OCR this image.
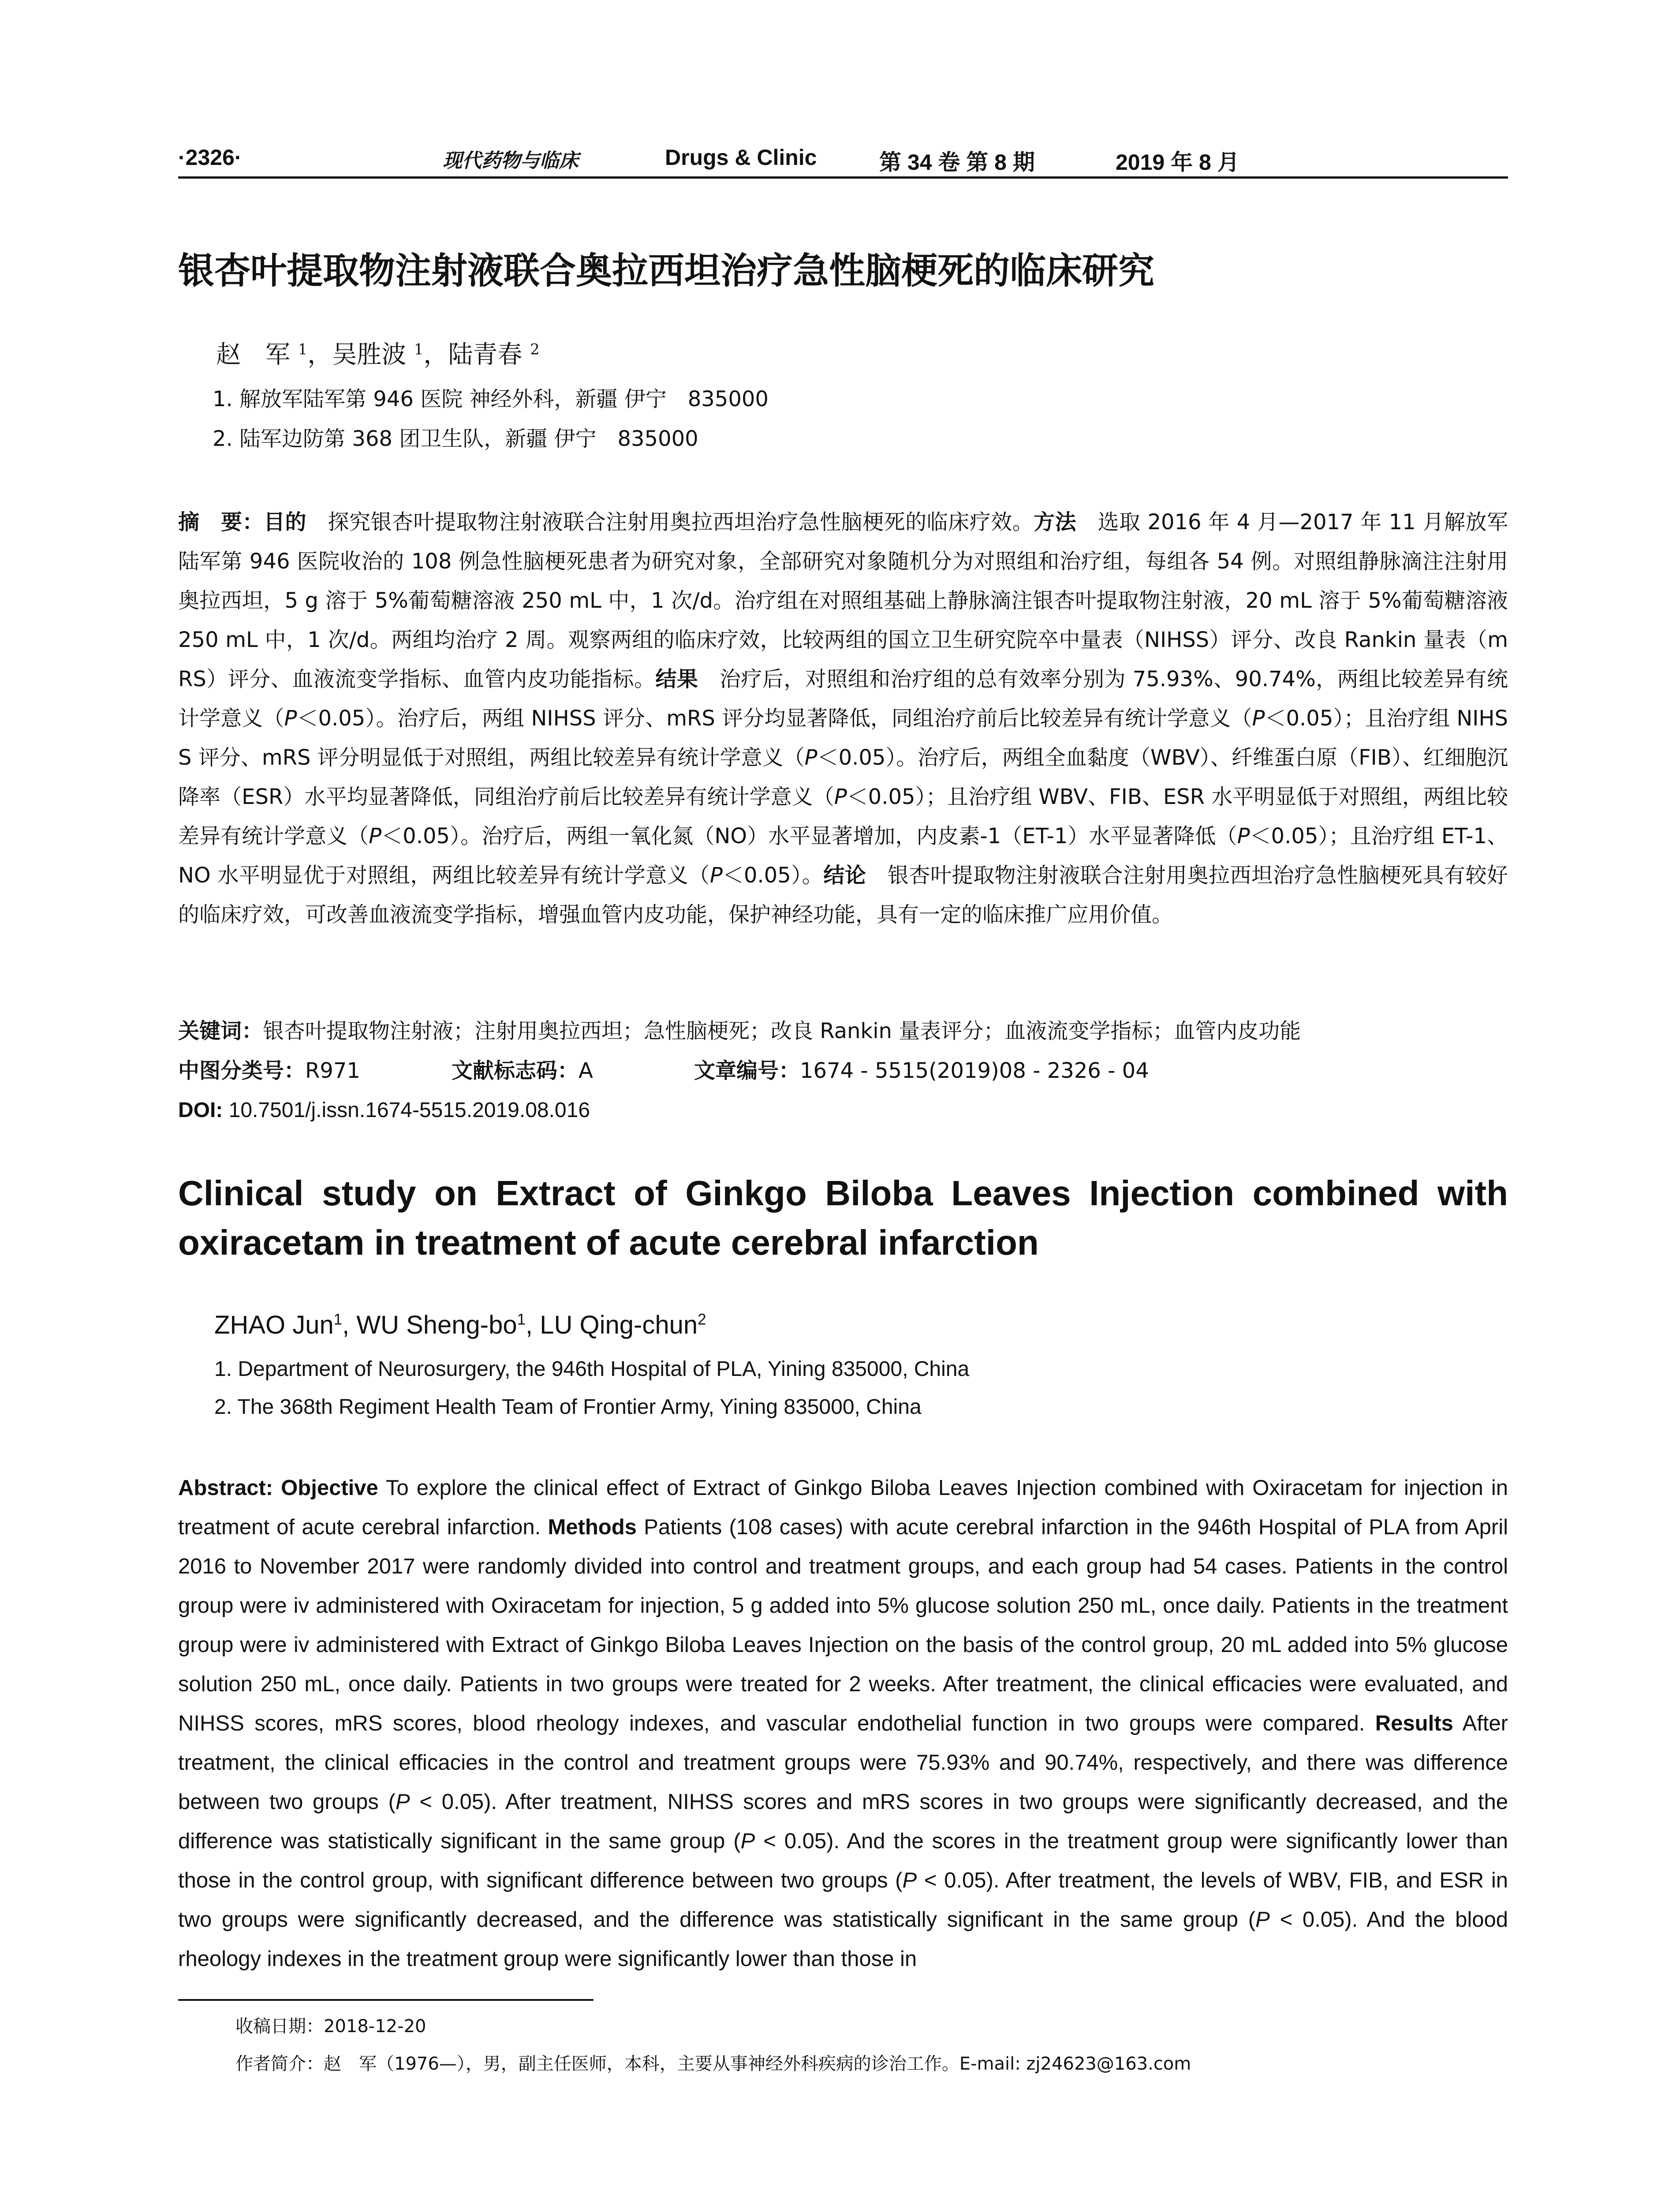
·2326·	现代药物与临床	Drugs & Clinic	第 34 卷 第 8 期	2019 年 8 月
银杏叶提取物注射液联合奥拉西坦治疗急性脑梗死的临床研究
赵　军 $^1$，吴胜波 $^1$，陆青春 $^2$
1. 解放军陆军第 946 医院 神经外科，新疆 伊宁　835000
2. 陆军边防第 368 团卫生队，新疆 伊宁　835000

摘　要：目的　探究银杏叶提取物注射液联合注射用奥拉西坦治疗急性脑梗死的临床疗效。方法　选取 2016 年 4 月—2017 年 11 月解放军陆军第 946 医院收治的 108 例急性脑梗死患者为研究对象，全部研究对象随机分为对照组和治疗组，每组各 54 例。对照组静脉滴注注射用奥拉西坦，5 g 溶于 5%葡萄糖溶液 250 mL 中，1 次/d。治疗组在对照组基础上静脉滴注银杏叶提取物注射液，20 mL 溶于 5%葡萄糖溶液 250 mL 中，1 次/d。两组均治疗 2 周。观察两组的临床疗效，比较两组的国立卫生研究院卒中量表（NIHSS）评分、改良 Rankin 量表（mRS）评分、血液流变学指标、血管内皮功能指标。结果　治疗后，对照组和治疗组的总有效率分别为 75.93%、90.74%，两组比较差异有统计学意义（P＜0.05）。治疗后，两组 NIHSS 评分、mRS 评分均显著降低，同组治疗前后比较差异有统计学意义（P＜0.05）；且治疗组 NIHSS 评分、mRS 评分明显低于对照组，两组比较差异有统计学意义（P＜0.05）。治疗后，两组全血黏度（WBV）、纤维蛋白原（FIB）、红细胞沉降率（ESR）水平均显著降低，同组治疗前后比较差异有统计学意义（P＜0.05）；且治疗组 WBV、FIB、ESR 水平明显低于对照组，两组比较差异有统计学意义（P＜0.05）。治疗后，两组一氧化氮（NO）水平显著增加，内皮素-1（ET-1）水平显著降低（P＜0.05）；且治疗组 ET-1、NO 水平明显优于对照组，两组比较差异有统计学意义（P＜0.05）。结论　银杏叶提取物注射液联合注射用奥拉西坦治疗急性脑梗死具有较好的临床疗效，可改善血液流变学指标，增强血管内皮功能，保护神经功能，具有一定的临床推广应用价值。

关键词：银杏叶提取物注射液；注射用奥拉西坦；急性脑梗死；改良 Rankin 量表评分；血液流变学指标；血管内皮功能
中图分类号： R971	文献标志码： A	文章编号： 1674 - 5515(2019)08 - 2326 - 04
DOI: 10.7501/j.issn.1674-5515.2019.08.016
Clinical study on Extract of Ginkgo Biloba Leaves Injection combined with oxiracetam in treatment of acute cerebral infarction
ZHAO Jun$^1$, WU Sheng-$bo^1$, LU Qing-chun$^2$
1. Department of Neurosurgery, the 946th Hospital of PLA, Yining 835000, China
2. The 368th Regiment Health Team of Frontier Army, Yining 835000, China

Abstract: Objective To explore the clinical effect of Extract of Ginkgo Biloba Leaves Injection combined with Oxiracetam for injection in treatment of acute cerebral infarction. Methods Patients (108 cases) with acute cerebral infarction in the 946th Hospital of PLA from April 2016 to November 2017 were randomly divided into control and treatment groups, and each group had 54 cases. Patients in the control group were iv administered with Oxiracetam for injection, 5 g added into 5% glucose solution 250 mL, once daily. Patients in the treatment group were iv administered with Extract of Ginkgo Biloba Leaves Injection on the basis of the control group, 20 mL added into 5% glucose solution 250 mL, once daily. Patients in two groups were treated for 2 weeks. After treatment, the clinical efficacies were evaluated, and NIHSS scores, mRS scores, blood rheology indexes, and vascular endothelial function in two groups were compared. Results After treatment, the clinical efficacies in the control and treatment groups were 75.93% and 90.74%, respectively, and there was difference between two groups (P < 0.05). After treatment, NIHSS scores and mRS scores in two groups were significantly decreased, and the difference was statistically significant in the same group (P < 0.05). And the scores in the treatment group were significantly lower than those in the control group, with significant difference between two groups (P < 0.05). After treatment, the levels of WBV, FIB, and ESR in two groups were significantly decreased, and the difference was statistically significant in the same group (P < 0.05). And the blood rheology indexes in the treatment group were significantly lower than those in

收稿日期：2018-12-20
作者简介：赵　军（1976—），男，副主任医师，本科，主要从事神经外科疾病的诊治工作。E-mail: zj24623@163.com
